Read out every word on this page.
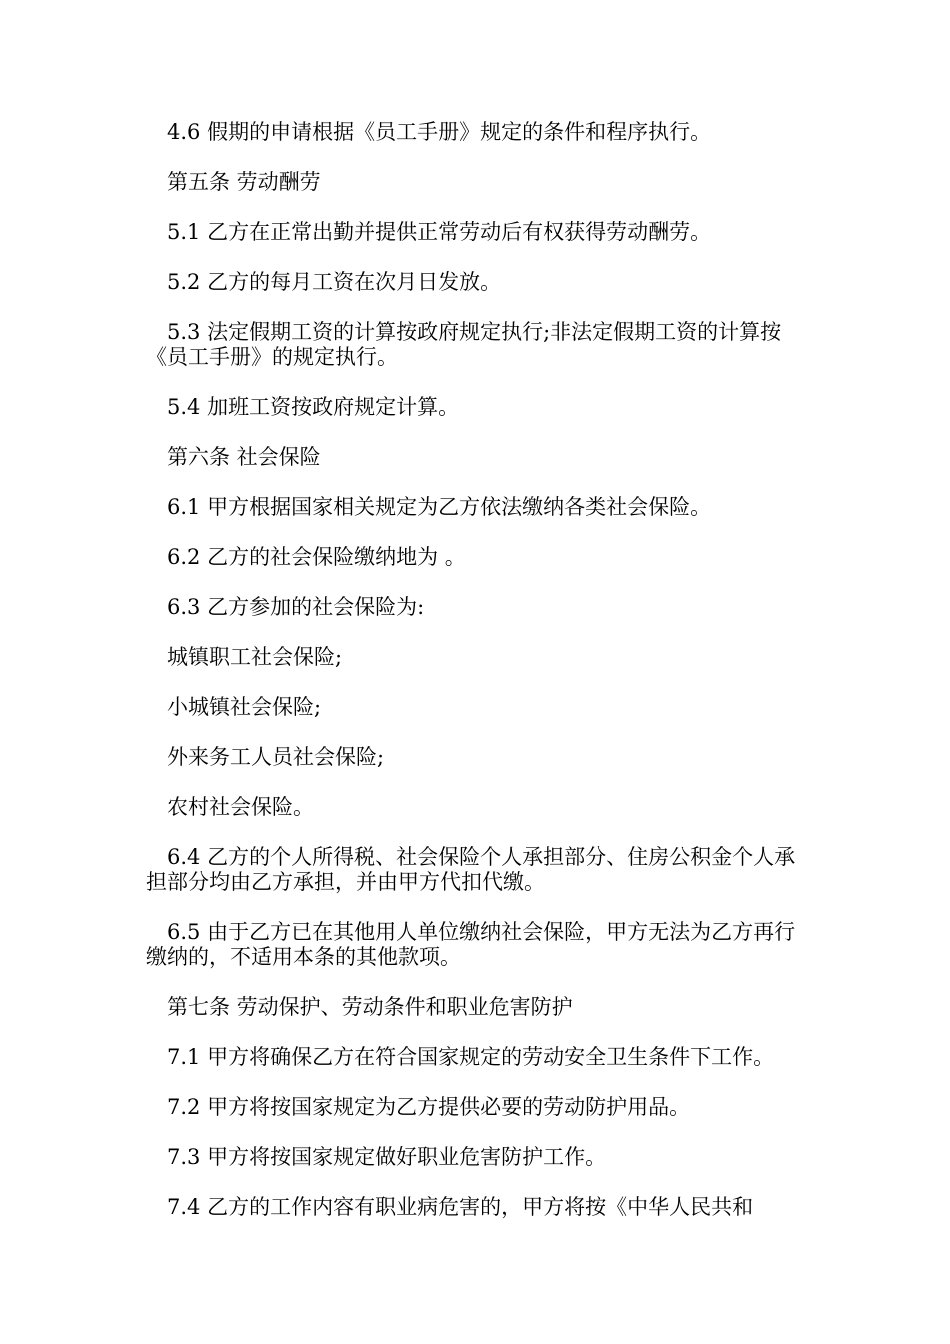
4.6 假期的申请根据《员工手册》规定的条件和程序执行。

第五条 劳动酬劳

5.1 乙方在正常出勤并提供正常劳动后有权获得劳动酬劳。

5.2 乙方的每月工资在次月日发放。

5.3 法定假期工资的计算按政府规定执行;非法定假期工资的计算按《员工手册》的规定执行。

5.4 加班工资按政府规定计算。

第六条 社会保险

6.1 甲方根据国家相关规定为乙方依法缴纳各类社会保险。

6.2 乙方的社会保险缴纳地为 。

6.3 乙方参加的社会保险为:

城镇职工社会保险;

小城镇社会保险;

外来务工人员社会保险;

农村社会保险。

6.4 乙方的个人所得税、社会保险个人承担部分、住房公积金个人承担部分均由乙方承担，并由甲方代扣代缴。

6.5 由于乙方已在其他用人单位缴纳社会保险，甲方无法为乙方再行缴纳的，不适用本条的其他款项。

第七条 劳动保护、劳动条件和职业危害防护

7.1 甲方将确保乙方在符合国家规定的劳动安全卫生条件下工作。

7.2 甲方将按国家规定为乙方提供必要的劳动防护用品。

7.3 甲方将按国家规定做好职业危害防护工作。

7.4 乙方的工作内容有职业病危害的，甲方将按《中华人民共和
